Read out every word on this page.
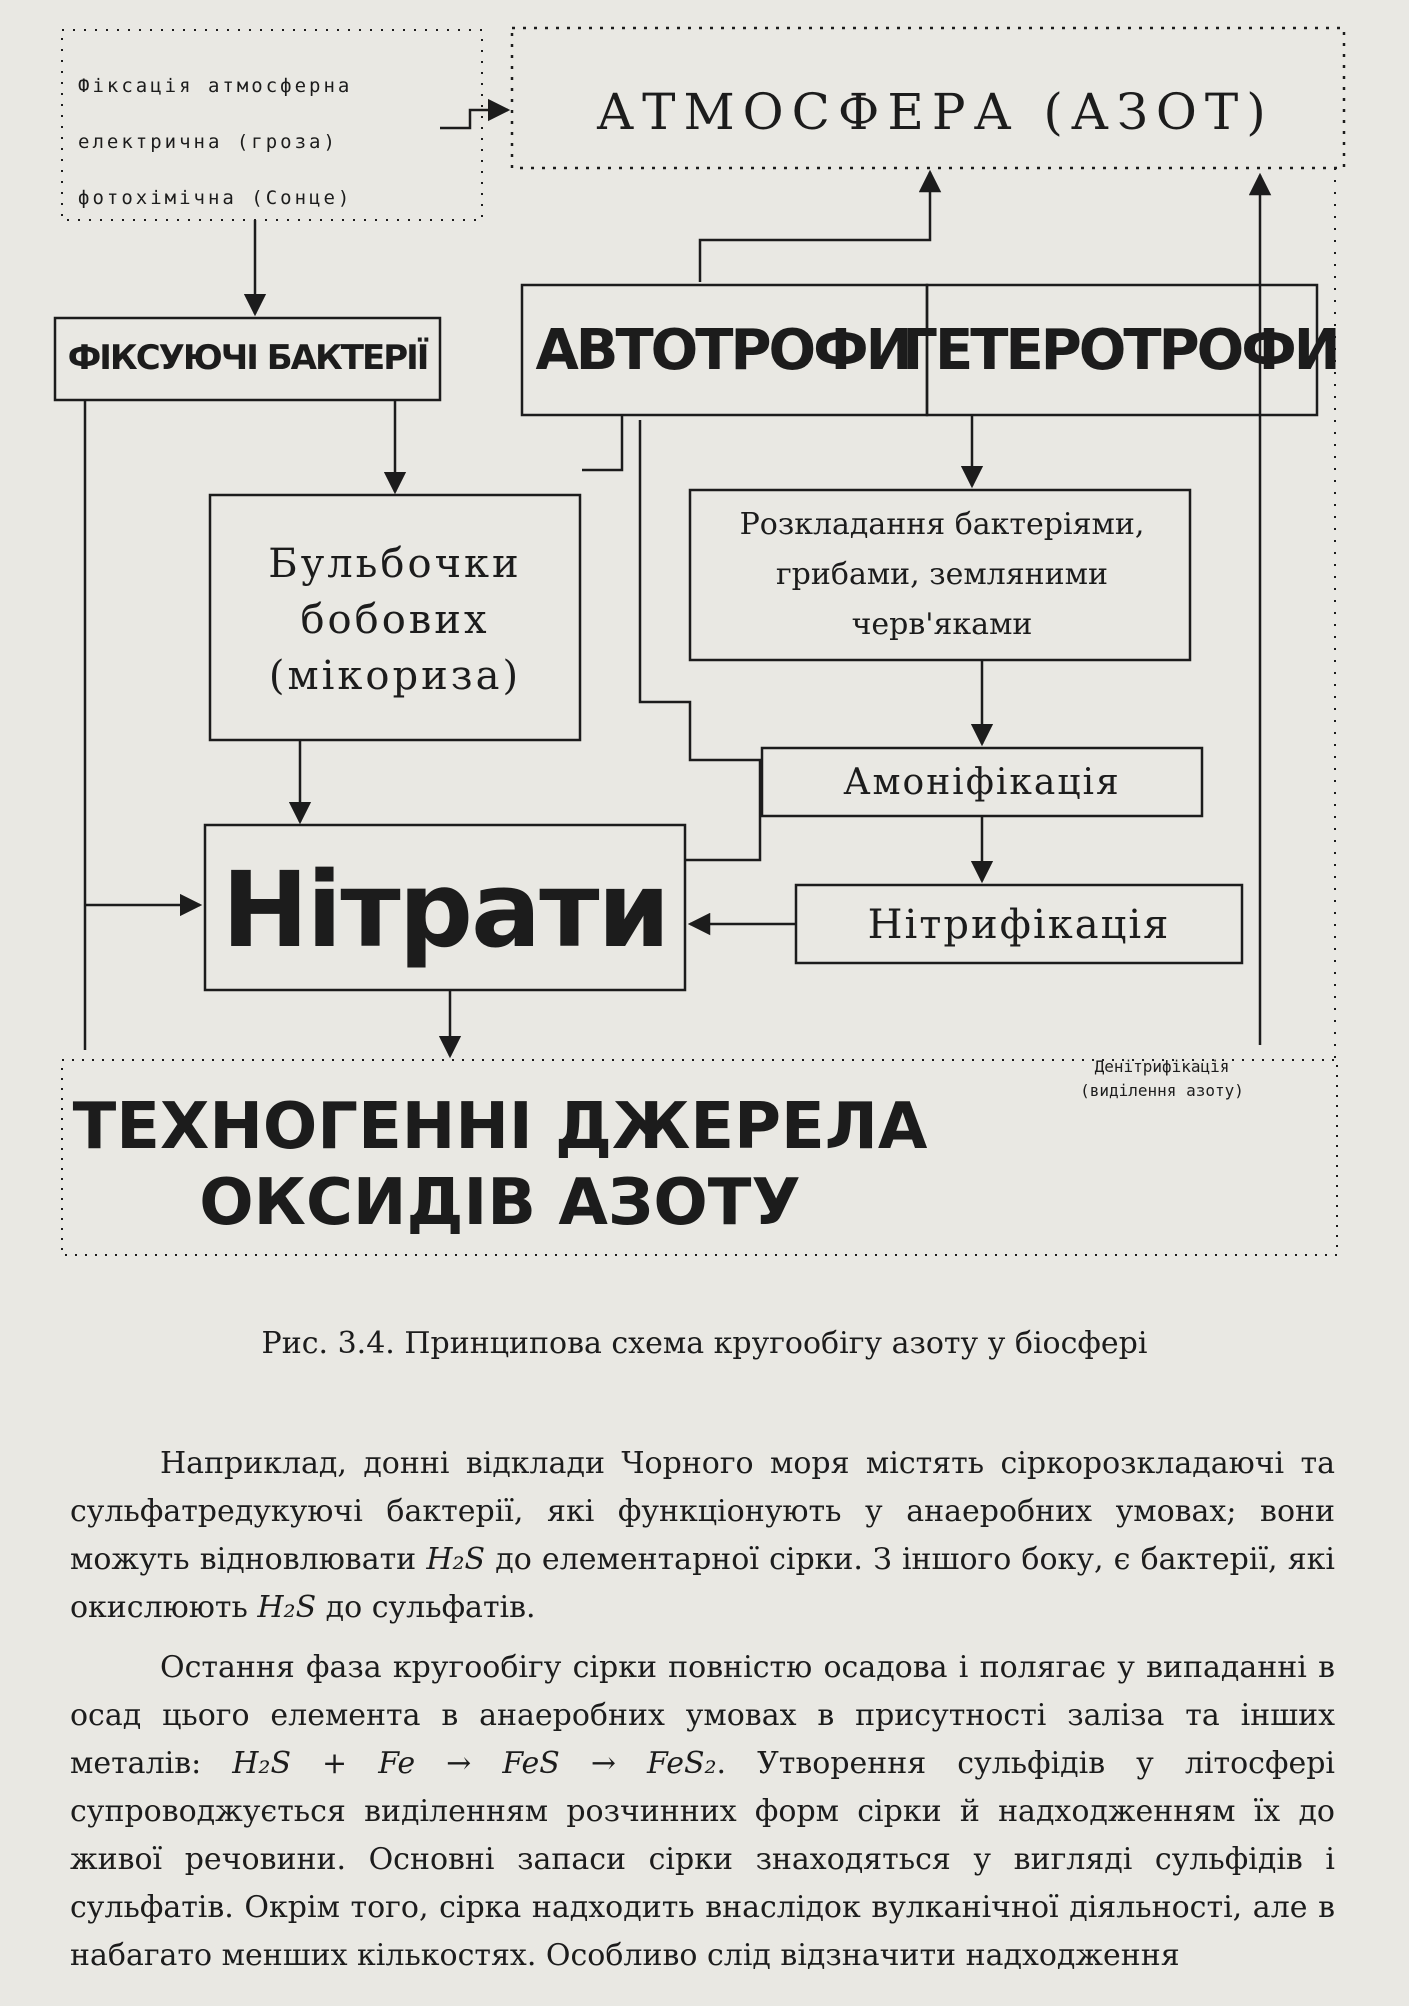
Фіксація атмосферна
електрична (гроза)
фотохімічна (Сонце)
АТМОСФЕРА (АЗОТ)
АВТОТРОФИ
ГЕТЕРОТРОФИ
ФІКСУЮЧІ БАКТЕРІЇ
Бульбочки
бобових
(мікориза)
Розкладання бактеріями,
грибами, земляними
черв'яками
Амоніфікація
Нітрати	Нітрифікація
Денітрифікація
(виділення азоту)
ТЕХНОГЕННІ ДЖЕРЕЛА
ОКСИДІВ АЗОТУ
Рис. 3.4. Принципова схема кругообігу азоту у біосфері

Наприклад, донні відклади Чорного моря містять сіркорозкладаючі та сульфатредукуючі бактерії, які функціонують у анаеробних умовах; вони можуть відновлювати H₂S до елементарної сірки. З іншого боку, є бактерії, які окислюють H₂S до сульфатів.

Остання фаза кругообігу сірки повністю осадова і полягає у випаданні в осад цього елемента в анаеробних умовах в присутності заліза та інших металів: H₂S + Fe → FeS → FeS₂. Утворення сульфідів у літосфері супроводжується виділенням розчинних форм сірки й надходженням їх до живої речовини. Основні запаси сірки знаходяться у вигляді сульфідів і сульфатів. Окрім того, сірка надходить внаслідок вулканічної діяльності, але в набагато менших кількостях. Особливо слід відзначити надходження
